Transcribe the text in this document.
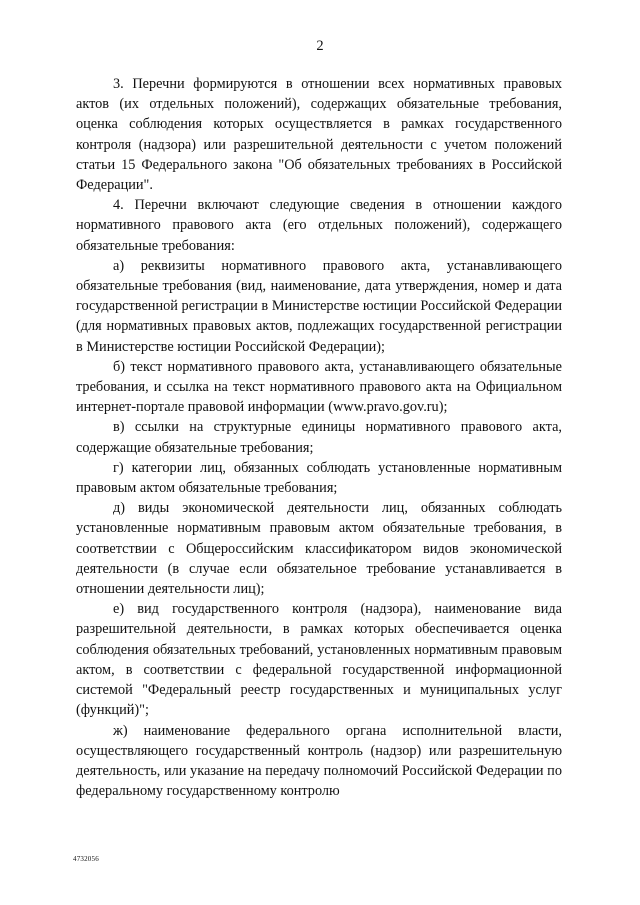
2

3. Перечни формируются в отношении всех нормативных правовых актов (их отдельных положений), содержащих обязательные требования, оценка соблюдения которых осуществляется в рамках государственного контроля (надзора) или разрешительной деятельности с учетом положений статьи 15 Федерального закона "Об обязательных требованиях в Российской Федерации".

4. Перечни включают следующие сведения в отношении каждого нормативного правового акта (его отдельных положений), содержащего обязательные требования:

а) реквизиты нормативного правового акта, устанавливающего обязательные требования (вид, наименование, дата утверждения, номер и дата государственной регистрации в Министерстве юстиции Российской Федерации (для нормативных правовых актов, подлежащих государственной регистрации в Министерстве юстиции Российской Федерации);

б) текст нормативного правового акта, устанавливающего обязательные требования, и ссылка на текст нормативного правового акта на Официальном интернет-портале правовой информации (www.pravo.gov.ru);

в) ссылки на структурные единицы нормативного правового акта, содержащие обязательные требования;

г) категории лиц, обязанных соблюдать установленные нормативным правовым актом обязательные требования;

д) виды экономической деятельности лиц, обязанных соблюдать установленные нормативным правовым актом обязательные требования, в соответствии с Общероссийским классификатором видов экономической деятельности (в случае если обязательное требование устанавливается в отношении деятельности лиц);

е) вид государственного контроля (надзора), наименование вида разрешительной деятельности, в рамках которых обеспечивается оценка соблюдения обязательных требований, установленных нормативным правовым актом, в соответствии с федеральной государственной информационной системой "Федеральный реестр государственных и муниципальных услуг (функций)";

ж) наименование федерального органа исполнительной власти, осуществляющего государственный контроль (надзор) или разрешительную деятельность, или указание на передачу полномочий Российской Федерации по федеральному государственному контролю

4732056
